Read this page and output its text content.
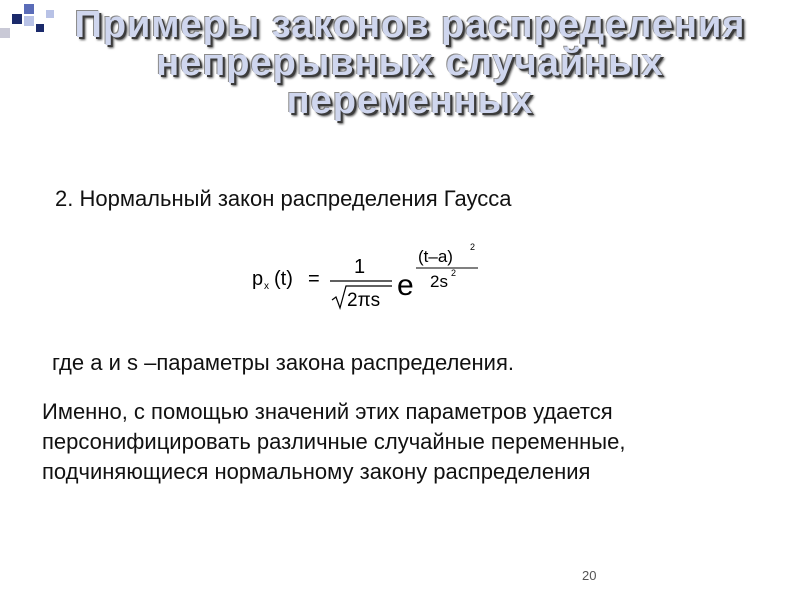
Примеры законов распределения
непрерывных случайных
переменных
2. Нормальный закон распределения Гаусса
p x (t) =
1
2πs e
(t–a) 2
2s 2
где a и s –параметры закона распределения.
Именно, с помощью значений этих параметров удается
персонифицировать различные случайные переменные,
подчиняющиеся нормальному закону распределения
20
